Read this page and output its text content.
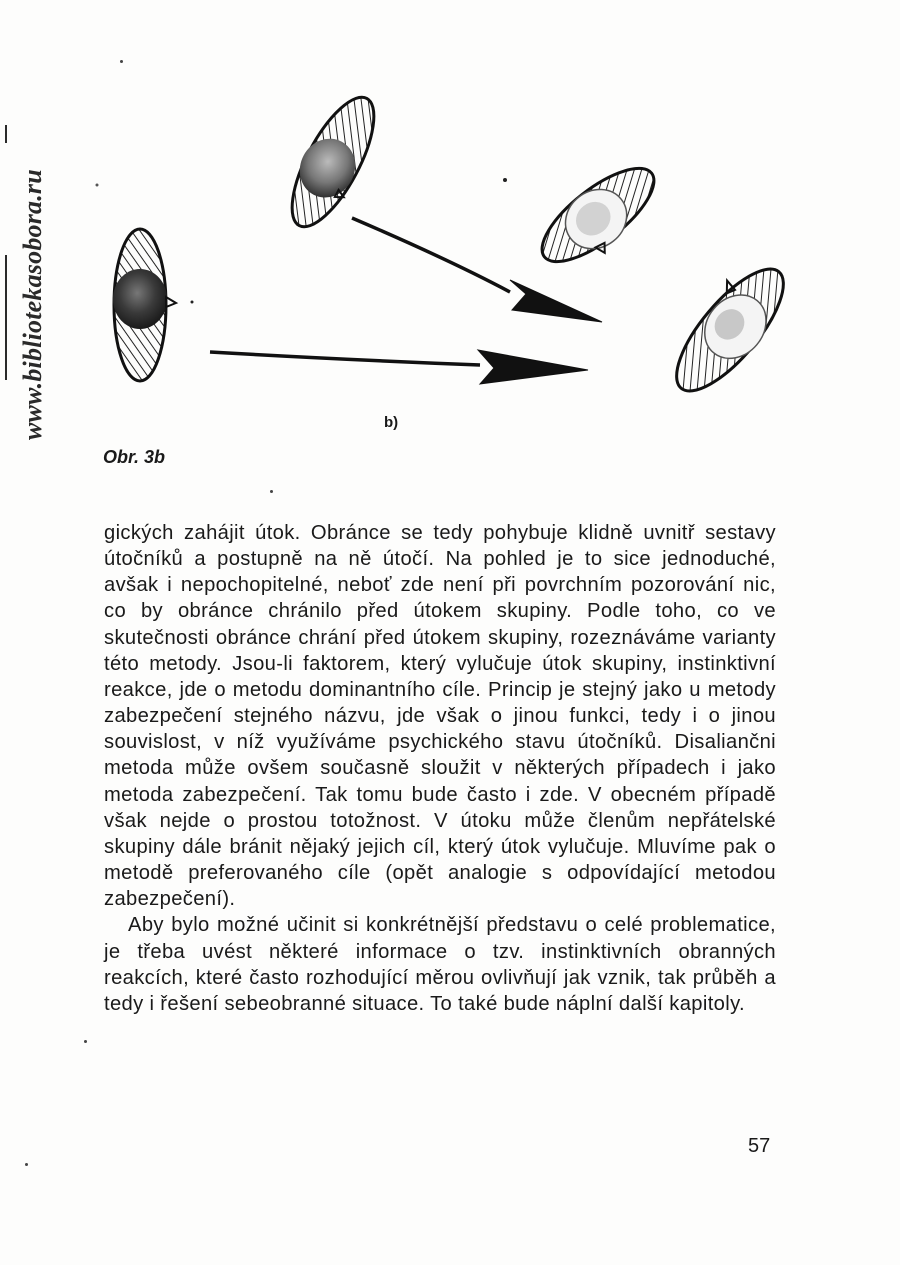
www.bibliotekasobora.ru	b)
Obr. 3b

gických zahájit útok. Obránce se tedy pohybuje klidně uvnitř sestavy útočníků a postupně na ně útočí. Na pohled je to sice jednoduché, avšak i nepochopitelné, neboť zde není při povrchním pozorování nic, co by obránce chránilo před útokem skupiny. Podle toho, co ve skutečnosti obránce chrání před útokem skupiny, rozeznáváme varianty této metody. Jsou-li faktorem, který vylučuje útok skupiny, instinktivní reakce, jde o metodu dominantního cíle. Princip je stejný jako u metody zabezpečení stejného názvu, jde však o jinou funkci, tedy i o jinou souvislost, v níž využíváme psychického stavu útočníků. Disaliančni metoda může ovšem současně sloužit v některých případech i jako metoda zabezpečení. Tak tomu bude často i zde. V obecném případě však nejde o prostou totožnost. V útoku může členům nepřátelské skupiny dále bránit nějaký jejich cíl, který útok vylučuje. Mluvíme pak o metodě preferovaného cíle (opět analogie s odpovídající metodou zabezpečení).

Aby bylo možné učinit si konkrétnější představu o celé problematice, je třeba uvést některé informace o tzv. instinktivních obranných reakcích, které často rozhodující měrou ovlivňují jak vznik, tak průběh a tedy i řešení sebeobranné situace. To také bude náplní další kapitoly.

57
